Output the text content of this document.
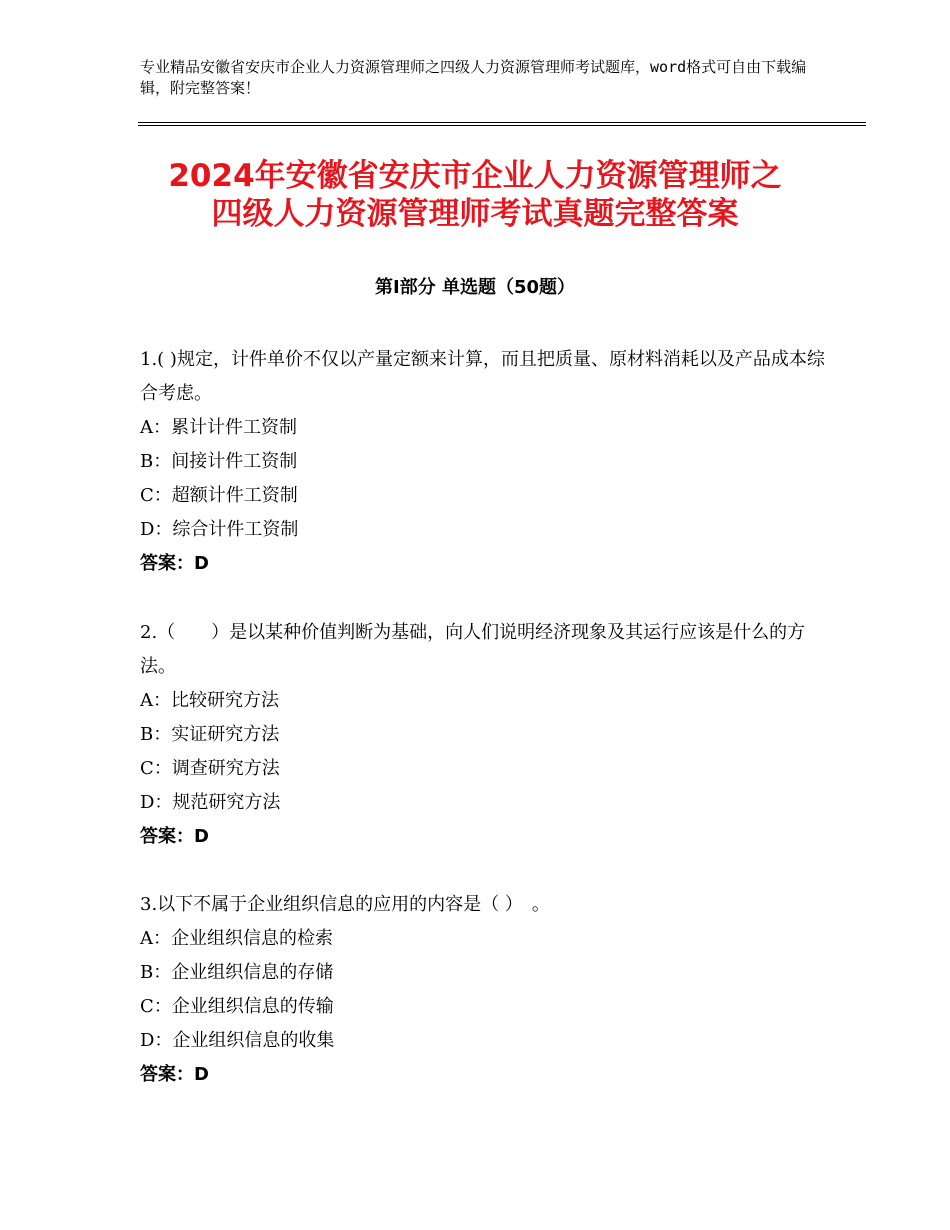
专业精品安徽省安庆市企业人力资源管理师之四级人力资源管理师考试题库，word格式可自由下载编辑，附完整答案！
2024年安徽省安庆市企业人力资源管理师之
四级人力资源管理师考试真题完整答案
第Ⅰ部分 单选题（50题）
1.( )规定，计件单价不仅以产量定额来计算，而且把质量、原材料消耗以及产品成本综合考虑。
A：累计计件工资制
B：间接计件工资制
C：超额计件工资制
D：综合计件工资制
答案：D
2.（　　）是以某种价值判断为基础，向人们说明经济现象及其运行应该是什么的方法。
A：比较研究方法
B：实证研究方法
C：调查研究方法
D：规范研究方法
答案：D
3.以下不属于企业组织信息的应用的内容是（ ）　。
A：企业组织信息的检索
B：企业组织信息的存储
C：企业组织信息的传输
D：企业组织信息的收集
答案：D
